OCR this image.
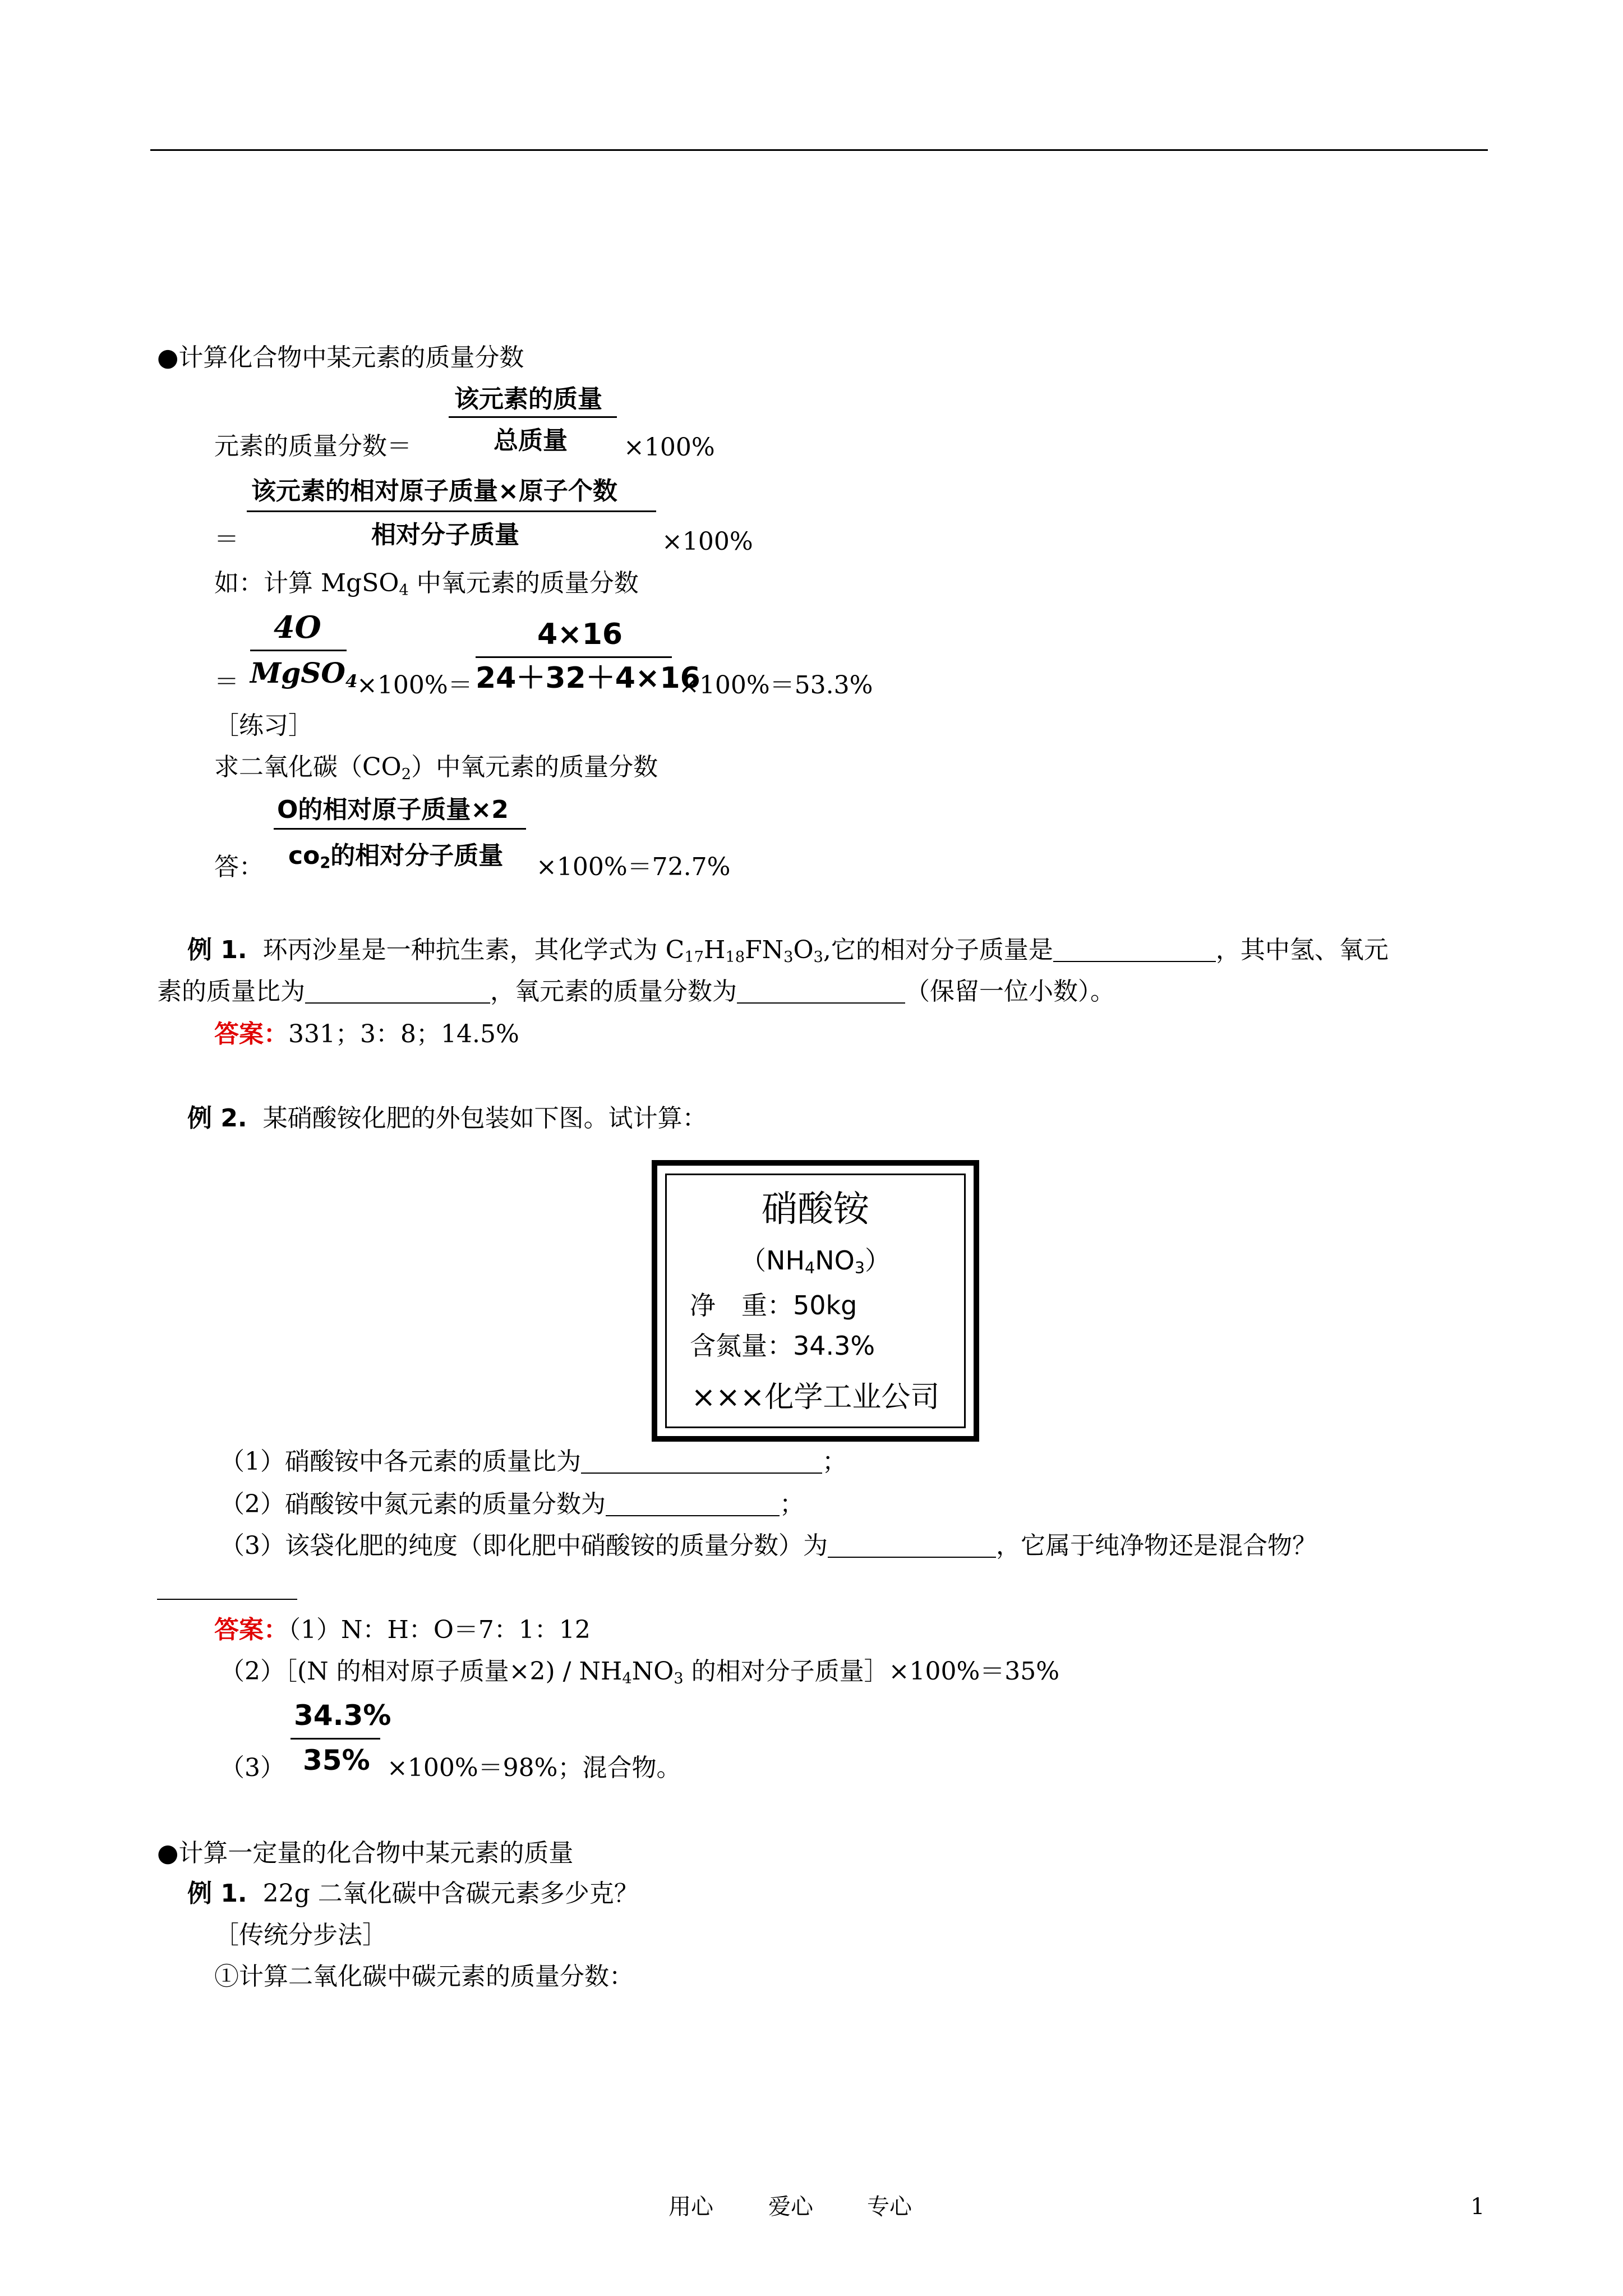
●计算化合物中某元素的质量分数
该元素的质量
元素的质量分数＝	总质量 ×100%
该元素的相对原子质量×原子个数
＝	相对分子质量	×100%
如：计算 MgSO$_4$ 中氧元素的质量分数
4O
＝ MgSO$_4$
×100%＝
4×16
24＋32＋4×16
×100%＝53.3%
［练习］
求二氧化碳$(CO_2)$中氧元素的质量分数
O的相对原子质量×2
答： $co_2$的相对分子质量 ×100%＝72.7%
例 1. 环丙沙星是一种抗生素，其化学式为 $C_{17}H_{18}FN_3O_3$,它的相对分子质量是	，其中氢、氧元
素的质量比为	，氧元素的质量分数为	（保留一位小数）。
答案：331；3：8；14.5%
例 2. 某硝酸铵化肥的外包装如下图。试计算：
硝酸铵
$(NH_4NO_3)$
净　重：50kg
含氮量：34.3%
×××化学工业公司
（1）硝酸铵中各元素的质量比为	；
（2）硝酸铵中氮元素的质量分数为	；
（3）该袋化肥的纯度（即化肥中硝酸铵的质量分数）为	，它属于纯净物还是混合物？
答案：（1）N：H：O＝7：1：12
（2）［(N 的相对原子质量$\times 2) / NH_4NO_3$ 的相对分子质量］×100%＝35%
34.3%
（3） 35% ×100%＝98%；混合物。
●计算一定量的化合物中某元素的质量
例 1. 22g 二氧化碳中含碳元素多少克？
［传统分步法］
①计算二氧化碳中碳元素的质量分数：
用心 爱心 专心	1
